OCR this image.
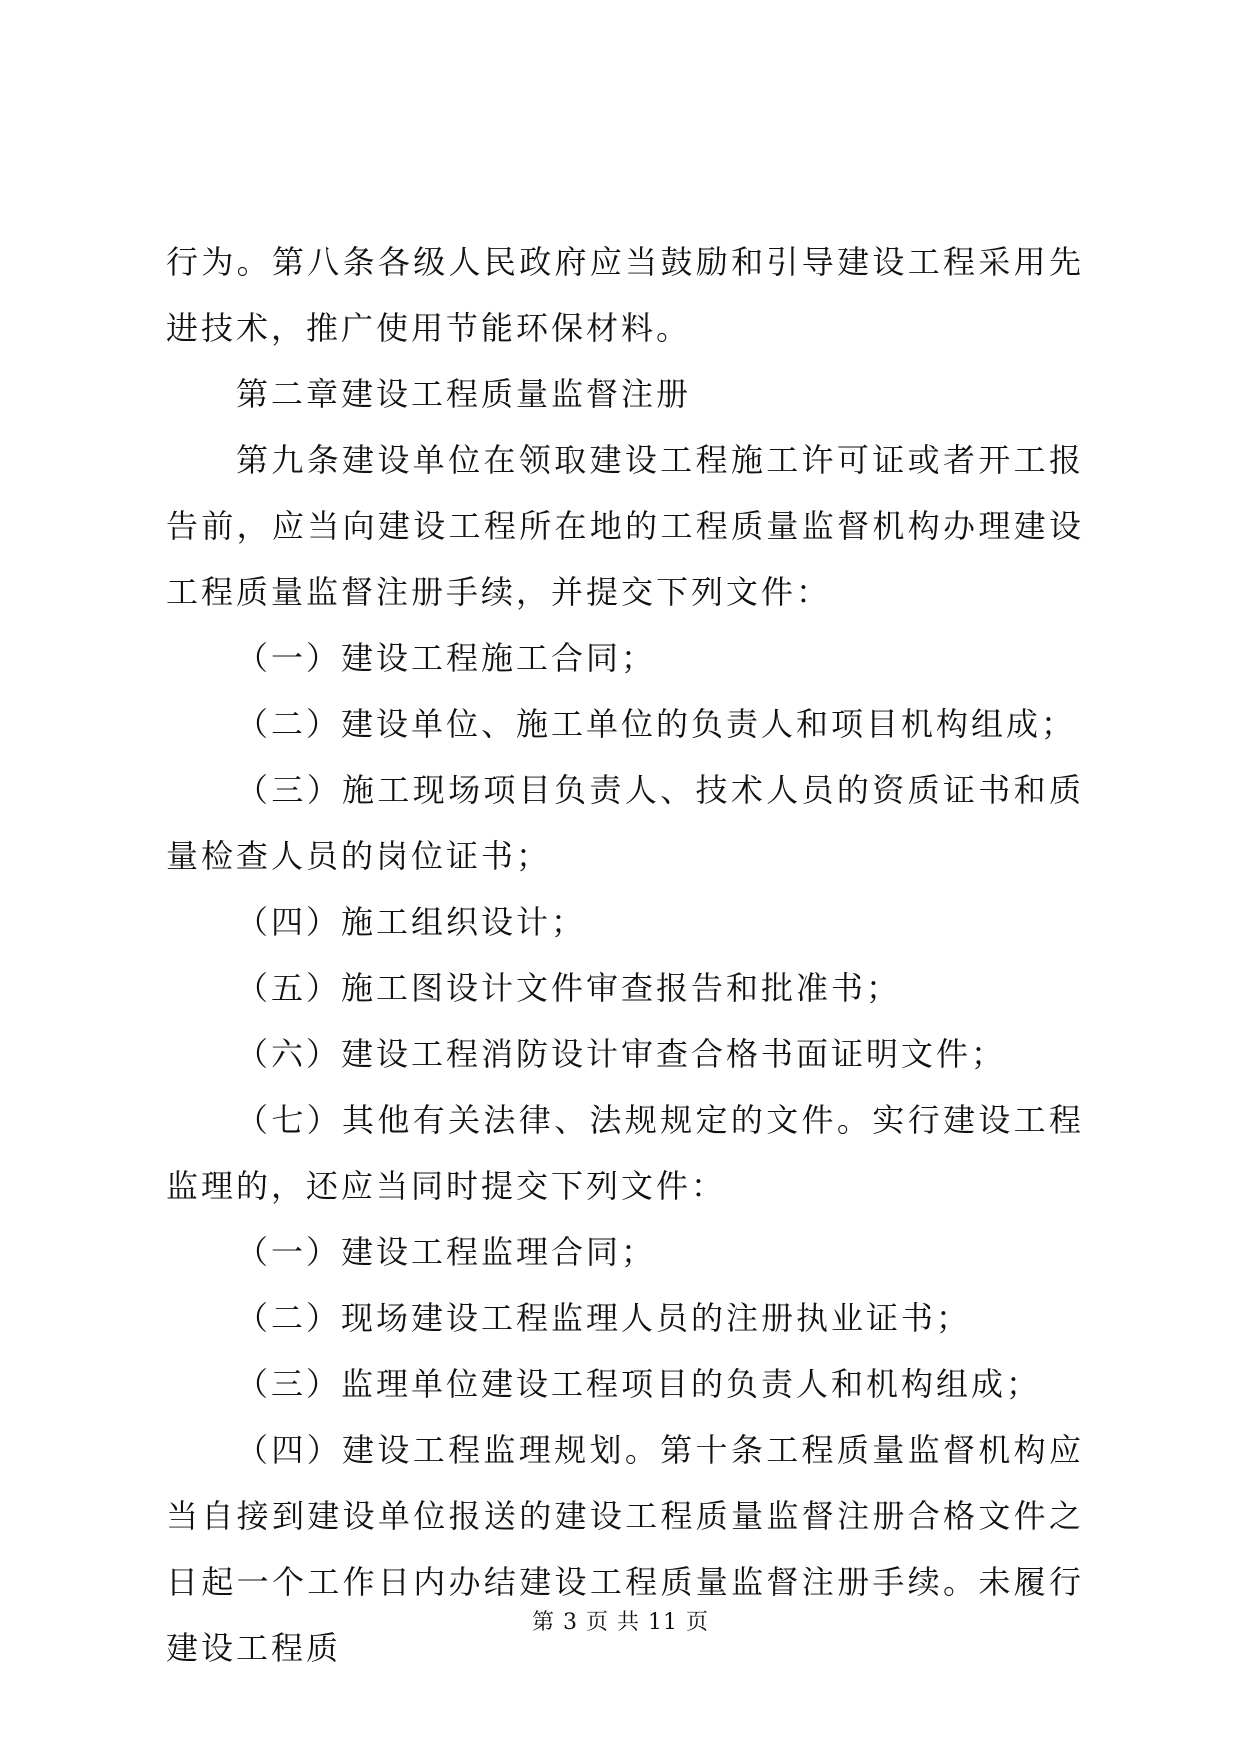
行为。第八条各级人民政府应当鼓励和引导建设工程采用先进技术，推广使用节能环保材料。

第二章建设工程质量监督注册

第九条建设单位在领取建设工程施工许可证或者开工报告前，应当向建设工程所在地的工程质量监督机构办理建设工程质量监督注册手续，并提交下列文件：

（一）建设工程施工合同；

（二）建设单位、施工单位的负责人和项目机构组成；

（三）施工现场项目负责人、技术人员的资质证书和质量检查人员的岗位证书；

（四）施工组织设计；

（五）施工图设计文件审查报告和批准书；

（六）建设工程消防设计审查合格书面证明文件；

（七）其他有关法律、法规规定的文件。实行建设工程监理的，还应当同时提交下列文件：

（一）建设工程监理合同；

（二）现场建设工程监理人员的注册执业证书；

（三）监理单位建设工程项目的负责人和机构组成；

（四）建设工程监理规划。第十条工程质量监督机构应当自接到建设单位报送的建设工程质量监督注册合格文件之日起一个工作日内办结建设工程质量监督注册手续。未履行建设工程质

第 3 页 共 11 页
